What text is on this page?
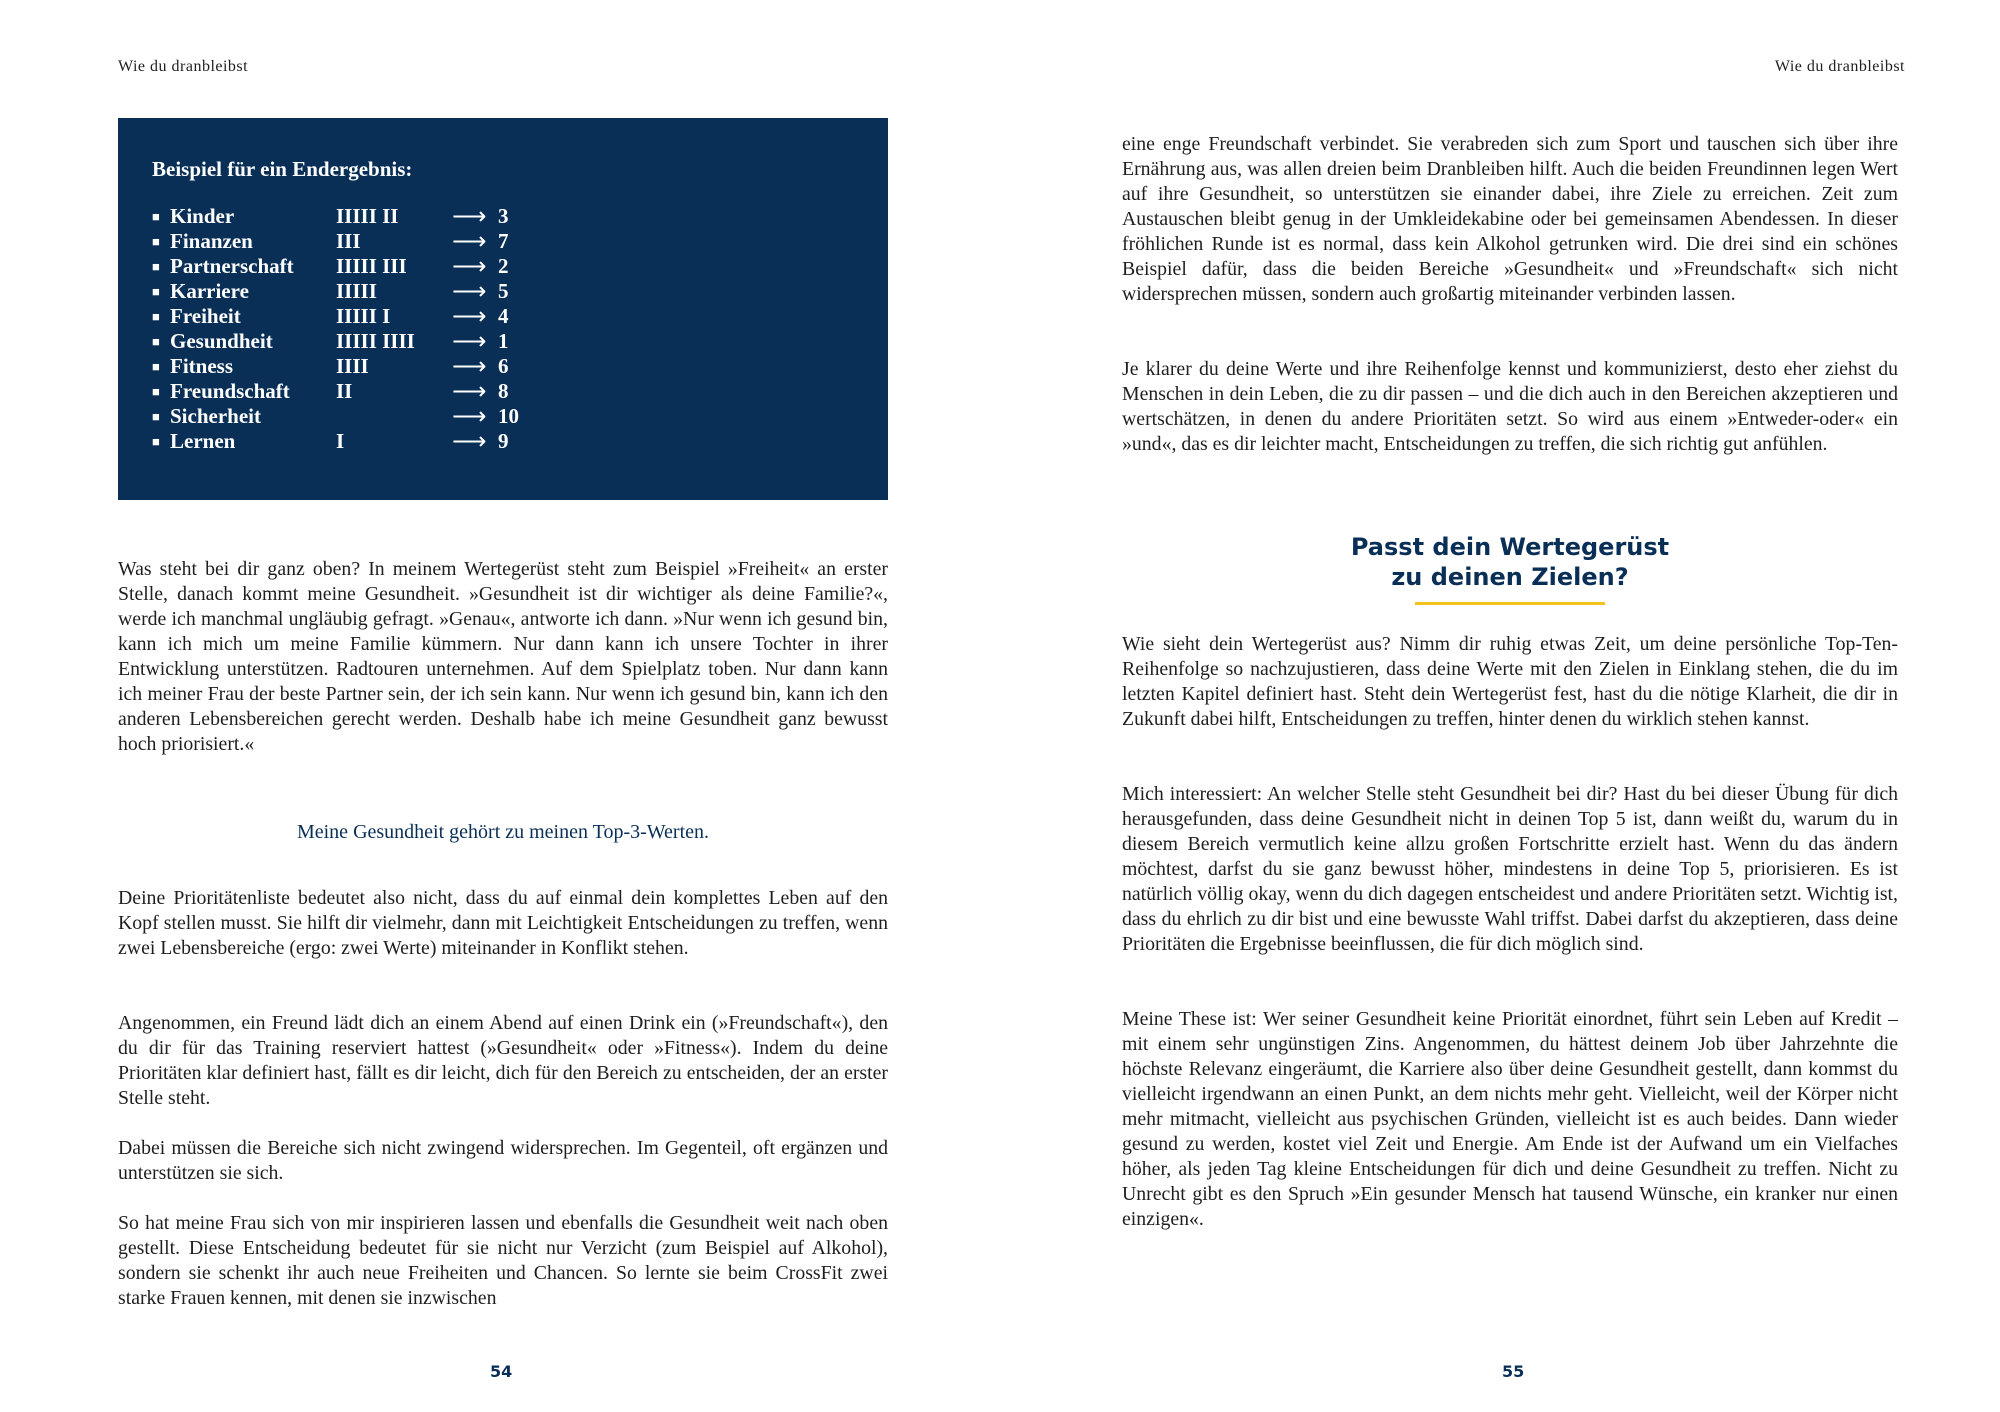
Wie du dranbleibst
Beispiel für ein Endergebnis:
■ Kinder	IIIII II	⟶ 3
■ Finanzen	III	⟶ 7
■ Partnerschaft	IIIII III	⟶ 2
■ Karriere	IIIII	⟶ 5
■ Freiheit	IIIII I	⟶ 4
■ Gesundheit	IIIII IIII	⟶ 1
■ Fitness	IIII	⟶ 6
■ Freundschaft	II	⟶ 8
■ Sicherheit	⟶ 10
■ Lernen	I	⟶ 9

Was steht bei dir ganz oben? In meinem Wertegerüst steht zum Beispiel »Freiheit« an erster Stelle, danach kommt meine Gesundheit. »Gesundheit ist dir wichtiger als deine Familie?«, werde ich manchmal ungläubig gefragt. »Genau«, antworte ich dann. »Nur wenn ich gesund bin, kann ich mich um meine Familie kümmern. Nur dann kann ich unsere Tochter in ihrer Entwicklung unterstützen. Radtouren unternehmen. Auf dem Spielplatz toben. Nur dann kann ich meiner Frau der beste Partner sein, der ich sein kann. Nur wenn ich gesund bin, kann ich den anderen Lebensbereichen gerecht werden. Deshalb habe ich meine Gesundheit ganz bewusst hoch priorisiert.«

Meine Gesundheit gehört zu meinen Top-3-Werten.

Deine Prioritätenliste bedeutet also nicht, dass du auf einmal dein komplettes Leben auf den Kopf stellen musst. Sie hilft dir vielmehr, dann mit Leichtigkeit Entscheidungen zu treffen, wenn zwei Lebensbereiche (ergo: zwei Werte) miteinander in Konflikt stehen.

Angenommen, ein Freund lädt dich an einem Abend auf einen Drink ein (»Freundschaft«), den du dir für das Training reserviert hattest (»Gesundheit« oder »Fitness«). Indem du deine Prioritäten klar definiert hast, fällt es dir leicht, dich für den Bereich zu entscheiden, der an erster Stelle steht.

Dabei müssen die Bereiche sich nicht zwingend widersprechen. Im Gegenteil, oft ergänzen und unterstützen sie sich.

So hat meine Frau sich von mir inspirieren lassen und ebenfalls die Gesundheit weit nach oben gestellt. Diese Entscheidung bedeutet für sie nicht nur Verzicht (zum Beispiel auf Alkohol), sondern sie schenkt ihr auch neue Freiheiten und Chancen. So lernte sie beim CrossFit zwei starke Frauen kennen, mit denen sie inzwischen

54
Wie du dranbleibst

eine enge Freundschaft verbindet. Sie verabreden sich zum Sport und tauschen sich über ihre Ernährung aus, was allen dreien beim Dranbleiben hilft. Auch die beiden Freundinnen legen Wert auf ihre Gesundheit, so unterstützen sie einander dabei, ihre Ziele zu erreichen. Zeit zum Austauschen bleibt genug in der Umkleidekabine oder bei gemeinsamen Abendessen. In dieser fröhlichen Runde ist es normal, dass kein Alkohol getrunken wird. Die drei sind ein schönes Beispiel dafür, dass die beiden Bereiche »Gesundheit« und »Freundschaft« sich nicht widersprechen müssen, sondern auch großartig miteinander verbinden lassen.

Je klarer du deine Werte und ihre Reihenfolge kennst und kommunizierst, desto eher ziehst du Menschen in dein Leben, die zu dir passen – und die dich auch in den Bereichen akzeptieren und wertschätzen, in denen du andere Prioritäten setzt. So wird aus einem »Entweder-oder« ein »und«, das es dir leichter macht, Entscheidungen zu treffen, die sich richtig gut anfühlen.

Passt dein Wertegerüst
zu deinen Zielen?

Wie sieht dein Wertegerüst aus? Nimm dir ruhig etwas Zeit, um deine persönliche Top-Ten-Reihenfolge so nachzujustieren, dass deine Werte mit den Zielen in Einklang stehen, die du im letzten Kapitel definiert hast. Steht dein Wertegerüst fest, hast du die nötige Klarheit, die dir in Zukunft dabei hilft, Entscheidungen zu treffen, hinter denen du wirklich stehen kannst.

Mich interessiert: An welcher Stelle steht Gesundheit bei dir? Hast du bei dieser Übung für dich herausgefunden, dass deine Gesundheit nicht in deinen Top 5 ist, dann weißt du, warum du in diesem Bereich vermutlich keine allzu großen Fortschritte erzielt hast. Wenn du das ändern möchtest, darfst du sie ganz bewusst höher, mindestens in deine Top 5, priorisieren. Es ist natürlich völlig okay, wenn du dich dagegen entscheidest und andere Prioritäten setzt. Wichtig ist, dass du ehrlich zu dir bist und eine bewusste Wahl triffst. Dabei darfst du akzeptieren, dass deine Prioritäten die Ergebnisse beeinflussen, die für dich möglich sind.

Meine These ist: Wer seiner Gesundheit keine Priorität einordnet, führt sein Leben auf Kredit – mit einem sehr ungünstigen Zins. Angenommen, du hättest deinem Job über Jahrzehnte die höchste Relevanz eingeräumt, die Karriere also über deine Gesundheit gestellt, dann kommst du vielleicht irgendwann an einen Punkt, an dem nichts mehr geht. Vielleicht, weil der Körper nicht mehr mitmacht, vielleicht aus psychischen Gründen, vielleicht ist es auch beides. Dann wieder gesund zu werden, kostet viel Zeit und Energie. Am Ende ist der Aufwand um ein Vielfaches höher, als jeden Tag kleine Entscheidungen für dich und deine Gesundheit zu treffen. Nicht zu Unrecht gibt es den Spruch »Ein gesunder Mensch hat tausend Wünsche, ein kranker nur einen einzigen«.

55
